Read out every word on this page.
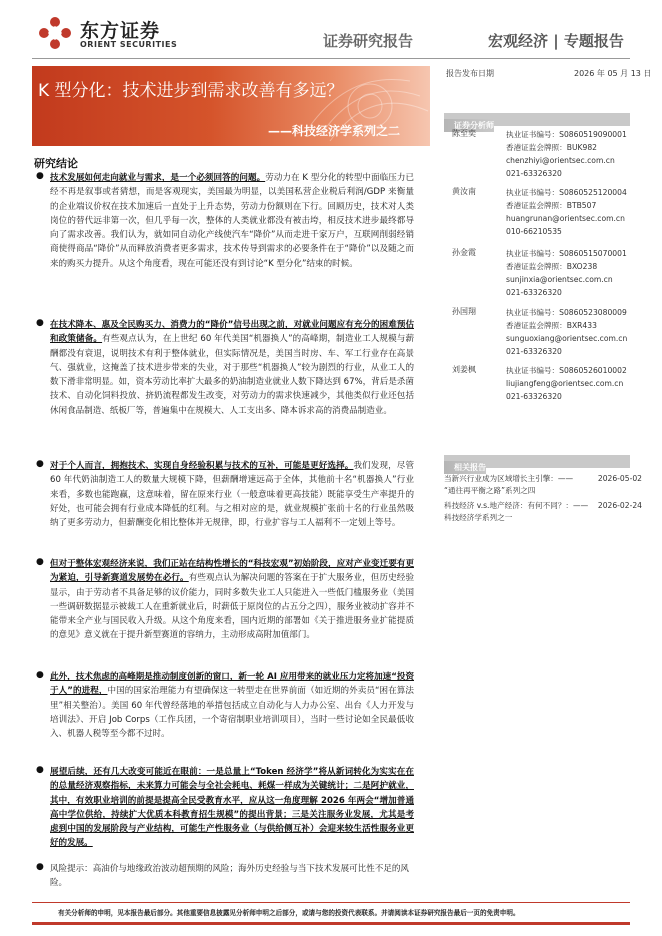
东方证券
ORIENT SECURITIES	证券研究报告	宏观经济 | 专题报告
K 型分化：技术进步到需求改善有多远？
——科技经济学系列之二
报告发布日期	2026 年 05 月 13 日
证券分析师
陈至奕	执业证书编号：S0860519090001
香港证监会牌照：BUK982
chenzhiyi@orientsec.com.cn
021-63326320
黄汝南	执业证书编号：S0860525120004
香港证监会牌照：BTB507
huangrunan@orientsec.com.cn
010-66210535
孙金霞	执业证书编号：S0860515070001
香港证监会牌照：BXO238
sunjinxia@orientsec.com.cn
021-63326320
孙国翔	执业证书编号：S0860523080009
香港证监会牌照：BXR433
sunguoxiang@orientsec.com.cn
021-63326320
刘姜枫	执业证书编号：S0860526010002
liujiangfeng@orientsec.com.cn
021-63326320
相关报告
当新兴行业成为区域增长主引擎：——	2026-05-02
“通往再平衡之路”系列之四
科技经济 v.s.地产经济：有何不同？：——	2026-02-24
科技经济学系列之一
研究结论
● 技术发展如何走向就业与需求，是一个必须回答的问题。劳动力在 K 型分化的转型中面临压力已经不再是叙事或者猜想，而是客观现实，美国最为明显，以美国私营企业税后利润/GDP 来衡量的企业端议价权在技术加速后一直处于上升态势，劳动力份额则在下行。回顾历史，技术对人类岗位的替代远非第一次，但几乎每一次，整体的人类就业都没有被击垮，相反技术进步最终都导向了需求改善。我们认为，就如同自动化产线使汽车“降价”从而走进千家万户，互联网削弱经销商使得商品“降价”从而释放消费者更多需求，技术传导到需求的必要条件在于“降价”以及随之而来的购买力提升。从这个角度看，现在可能还没有到讨论“K 型分化”结束的时候。
● 在技术降本、惠及全民购买力、消费力的“降价”信号出现之前，对就业问题应有充分的困难预估和政策储备。有些观点认为，在上世纪 60 年代美国“机器换人”的高峰期，制造业工人规模与薪酬都没有衰退，说明技术有利于整体就业，但实际情况是，美国当时房、车、军工行业存在高景气、强就业，这掩盖了技术进步带来的失业，对于那些“机器换人”较为剧烈的行业，从业工人的数下滑非常明显。如，资本劳动比率扩大最多的奶油制造业就业人数下降达到 67%，背后是杀菌技术、自动化饲料投放、挤奶流程都发生改变，对劳动力的需求快速减少，其他类似行业还包括休闲食品制造、纸板厂等，普遍集中在规模大、人工支出多、降本诉求高的消费品制造业。
● 对于个人而言，拥抱技术、实现自身经验积累与技术的互补，可能是更好选择。我们发现，尽管 60 年代奶油制造工人的数量大规模下降，但薪酬增速远高于全体，其他前十名“机器换人”行业来看，多数也能跑赢，这意味着，留在原来行业（一般意味着更高技能）既能享受生产率提升的好处，也可能会拥有行业成本降低的红利。与之相对应的是，就业规模扩张前十名的行业虽然吸纳了更多劳动力，但薪酬变化相比整体并无规律，即，行业扩容与工人福利不一定划上等号。
● 但对于整体宏观经济来说，我们正站在结构性增长的“科技宏观”初始阶段，应对产业变迁要有更为紧迫，引导新赛道发展势在必行。有些观点认为解决问题的答案在于扩大服务业，但历史经验显示，由于劳动者不具备足够的议价能力，同时多数失业工人只能进入一些低门槛服务业（美国一些调研数据显示被裁工人在重新就业后，时薪低于原岗位的占五分之四），服务业被动扩容并不能带来全产业与国民收入升级。从这个角度来看，国内近期的部署如《关于推进服务业扩能提质的意见》意义就在于提升新型赛道的容纳力，主动形成高附加值部门。
● 此外，技术焦虑的高峰期是推动制度创新的窗口，新一轮 AI 应用带来的就业压力定将加速“投资于人”的进程，中国的国家治理能力有望确保这一转型走在世界前面（如近期的外卖员“困在算法里”相关整治）。美国 60 年代曾经落地的举措包括成立自动化与人力办公室、出台《人力开发与培训法》、开启 Job Corps（工作兵团，一个寄宿制职业培训项目），当时一些讨论如全民最低收入、机器人税等至今都不过时。
● 展望后续，还有几大改变可能近在眼前：一是总量上“Token 经济学”将从新词转化为实实在在的总量经济观察指标，未来算力可能会与全社会耗电、耗煤一样成为关键统计；二是阿护就业，其中，有效职业培训的前提是提高全民受教育水平，应从这一角度理解 2026 年两会“增加普通高中学位供给，持续扩大优质本科教育招生规模”的提出背景；三是关注服务业发展，尤其是考虑到中国的发展阶段与产业结构，可能生产性服务业（与供给侧互补）会迎来较生活性服务业更好的发展。
● 风险提示：高油价与地缘政治波动超预期的风险；海外历史经验与当下技术发展可比性不足的风险。
有关分析师的申明，见本报告最后部分。其他重要信息披露见分析师申明之后部分，或请与您的投资代表联系。并请阅读本证券研究报告最后一页的免责申明。
